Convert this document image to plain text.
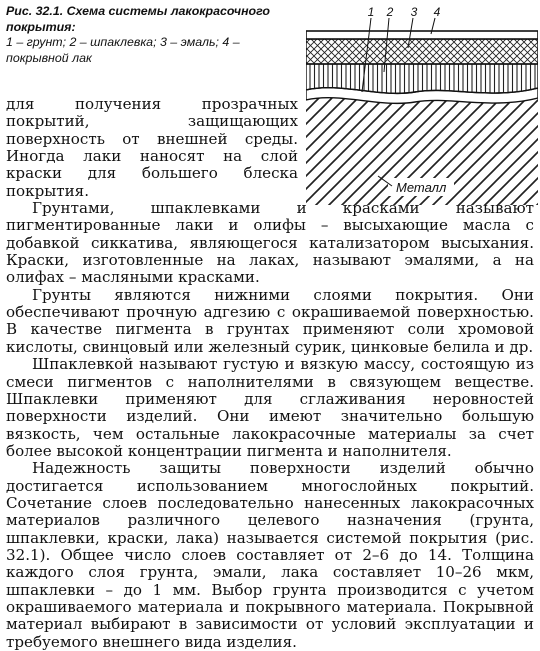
Рис. 32.1. Схема системы лакокрасочного покрытия:
1 – грунт; 2 – шпаклевка; 3 – эмаль; 4 – покрывной лак
1 2 3 4
Металл

для получения прозрачных покрытий, защищающих поверхность от внешней среды. Иногда лаки наносят на слой краски для большего блеска покрытия.

Грунтами, шпаклевками и красками называют пигментированные лаки и олифы – высыхающие масла с добавкой сиккатива, являющегося катализатором высыхания. Краски, изготовленные на лаках, называют эмалями, а на олифах – масляными красками.

Грунты являются нижними слоями покрытия. Они обеспечивают прочную адгезию с окрашиваемой поверхностью. В качестве пигмента в грунтах применяют соли хромовой кислоты, свинцовый или железный сурик, цинковые белила и др.

Шпаклевкой называют густую и вязкую массу, состоящую из смеси пигментов с наполнителями в связующем веществе. Шпаклевки применяют для сглаживания неровностей поверхности изделий. Они имеют значительно большую вязкость, чем остальные лакокрасочные материалы за счет более высокой концентрации пигмента и наполнителя.

Надежность защиты поверхности изделий обычно достигается использованием многослойных покрытий. Сочетание слоев последовательно нанесенных лакокрасочных материалов различного целевого назначения (грунта, шпаклевки, краски, лака) называется системой покрытия (рис. 32.1). Общее число слоев составляет от 2–6 до 14. Толщина каждого слоя грунта, эмали, лака составляет 10–26 мкм, шпаклевки – до 1 мм. Выбор грунта производится с учетом окрашиваемого материала и покрывного материала. Покрывной материал выбирают в зависимости от условий эксплуатации и требуемого внешнего вида изделия.
